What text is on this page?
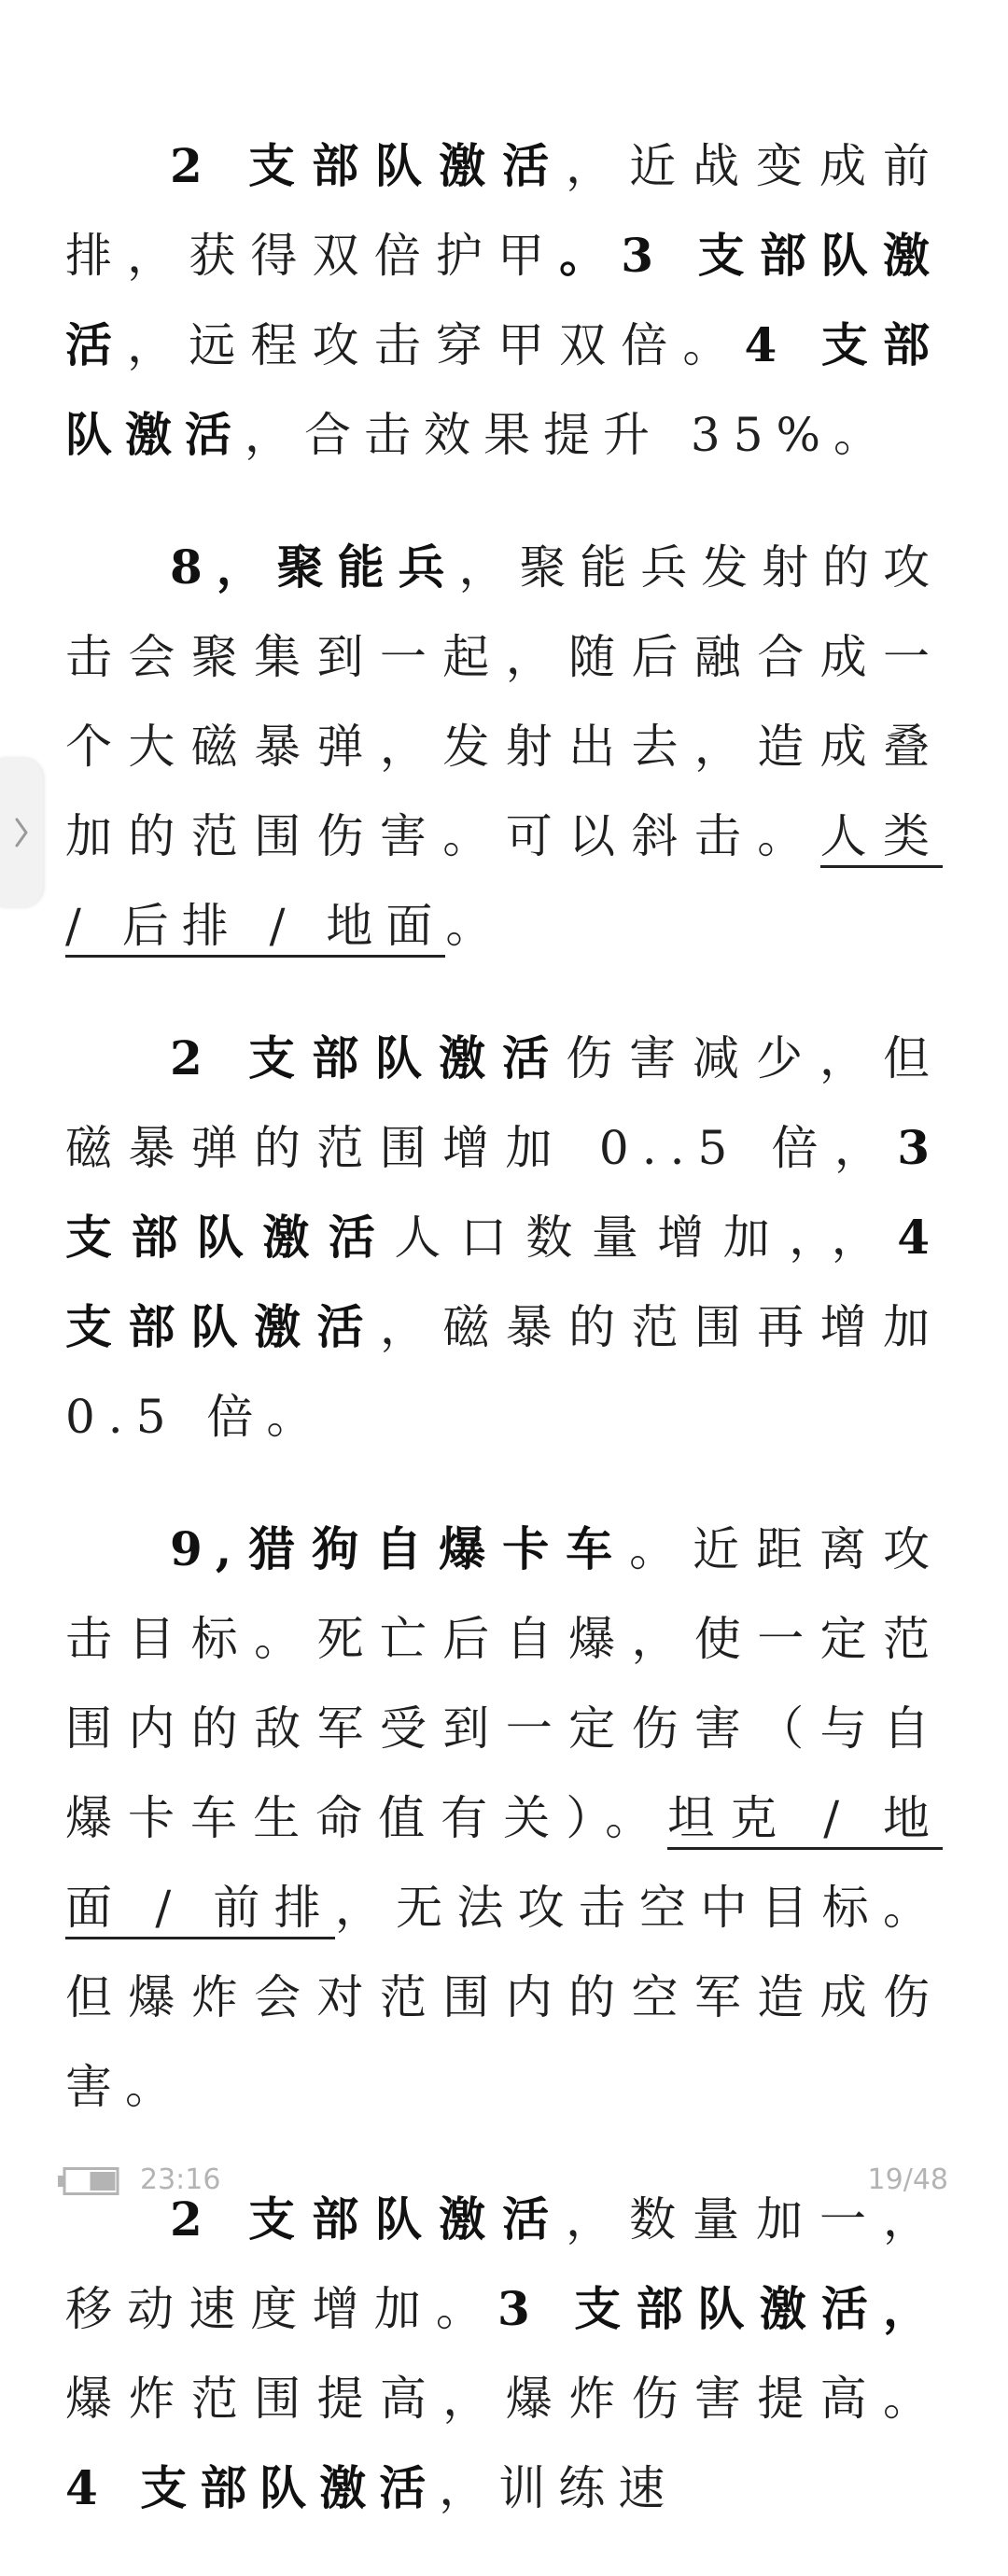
2 支部队激活，近战变成前排，获得双倍护甲。3 支部队激活，远程攻击穿甲双倍。4 支部队激活，合击效果提升 35%。

8，聚能兵，聚能兵发射的攻击会聚集到一起，随后融合成一个大磁暴弹，发射出去，造成叠加的范围伤害。可以斜击。人类 / 后排 / 地面。

2 支部队激活伤害减少，但磁暴弹的范围增加 0..5 倍，3 支部队激活人口数量增加，，4 支部队激活，磁暴的范围再增加 0.5 倍。

9,猎狗自爆卡车。近距离攻击目标。死亡后自爆，使一定范围内的敌军受到一定伤害（与自爆卡车生命值有关）。坦克 / 地面 / 前排，无法攻击空中目标。但爆炸会对范围内的空军造成伤害。

2 支部队激活，数量加一，移动速度增加。3 支部队激活，爆炸范围提高，爆炸伤害提高。4 支部队激活，训练速

23:16	19/48
